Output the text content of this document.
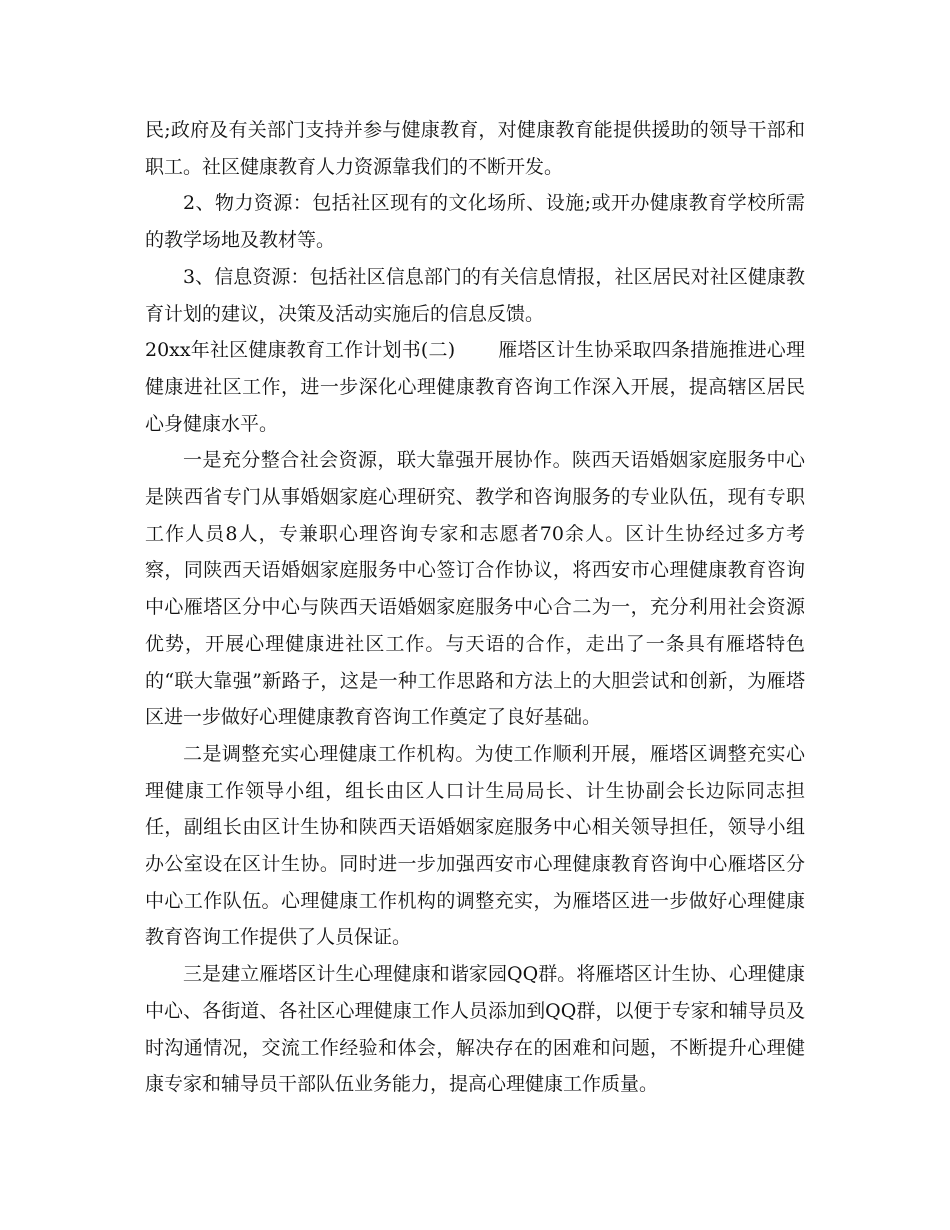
民;政府及有关部门支持并参与健康教育，对健康教育能提供援助的领导干部和职工。社区健康教育人力资源靠我们的不断开发。

2、物力资源：包括社区现有的文化场所、设施;或开办健康教育学校所需的教学场地及教材等。

3、信息资源：包括社区信息部门的有关信息情报，社区居民对社区健康教育计划的建议，决策及活动实施后的信息反馈。

20xx年社区健康教育工作计划书(二) 雁塔区计生协采取四条措施推进心理健康进社区工作，进一步深化心理健康教育咨询工作深入开展，提高辖区居民心身健康水平。

一是充分整合社会资源，联大靠强开展协作。陕西天语婚姻家庭服务中心是陕西省专门从事婚姻家庭心理研究、教学和咨询服务的专业队伍，现有专职工作人员8人，专兼职心理咨询专家和志愿者70余人。区计生协经过多方考察，同陕西天语婚姻家庭服务中心签订合作协议，将西安市心理健康教育咨询中心雁塔区分中心与陕西天语婚姻家庭服务中心合二为一，充分利用社会资源优势，开展心理健康进社区工作。与天语的合作，走出了一条具有雁塔特色的“联大靠强”新路子，这是一种工作思路和方法上的大胆尝试和创新，为雁塔区进一步做好心理健康教育咨询工作奠定了良好基础。

二是调整充实心理健康工作机构。为使工作顺利开展，雁塔区调整充实心理健康工作领导小组，组长由区人口计生局局长、计生协副会长边际同志担任，副组长由区计生协和陕西天语婚姻家庭服务中心相关领导担任，领导小组办公室设在区计生协。同时进一步加强西安市心理健康教育咨询中心雁塔区分中心工作队伍。心理健康工作机构的调整充实，为雁塔区进一步做好心理健康教育咨询工作提供了人员保证。

三是建立雁塔区计生心理健康和谐家园QQ群。将雁塔区计生协、心理健康中心、各街道、各社区心理健康工作人员添加到QQ群，以便于专家和辅导员及时沟通情况，交流工作经验和体会，解决存在的困难和问题，不断提升心理健康专家和辅导员干部队伍业务能力，提高心理健康工作质量。
